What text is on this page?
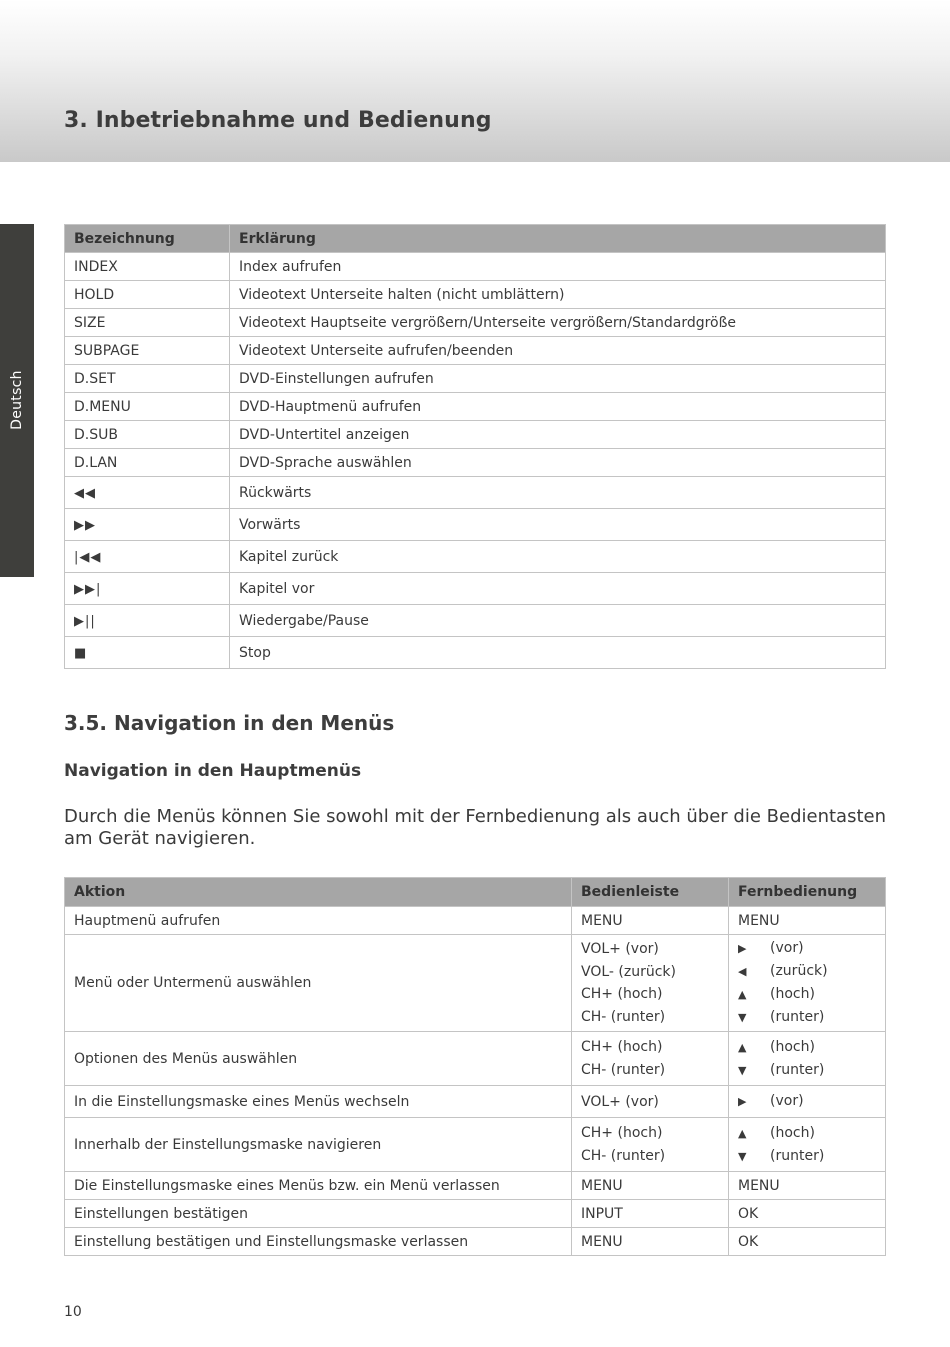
3. Inbetriebnahme und Bedienung
Deutsch
Bezeichnung	Erklärung
INDEX	Index aufrufen
HOLD	Videotext Unterseite halten (nicht umblättern)
SIZE	Videotext Hauptseite vergrößern/Unterseite vergrößern/Standardgröße
SUBPAGE	Videotext Unterseite aufrufen/beenden
D.SET	DVD-Einstellungen aufrufen
D.MENU	DVD-Hauptmenü aufrufen
D.SUB	DVD-Untertitel anzeigen
D.LAN	DVD-Sprache auswählen
◀◀	Rückwärts
▶▶	Vorwärts
|◀◀	Kapitel zurück
▶▶|	Kapitel vor
▶||	Wiedergabe/Pause
■	Stop
3.5. Navigation in den Menüs
Navigation in den Hauptmenüs

Durch die Menüs können Sie sowohl mit der Fernbedienung als auch über die Bedientasten am Gerät navigieren.

Aktion	Bedienleiste	Fernbedienung
Hauptmenü aufrufen	MENU	MENU
Menü oder Untermenü auswählen	VOL+ (vor)
VOL- (zurück)
CH+ (hoch)
CH- (runter)	▶ (vor)
◀ (zurück)
▲ (hoch)
▼ (runter)

Optionen des Menüs auswählen	CH+ (hoch)
CH- (runter)	▲ (hoch)
▼ (runter)

In die Einstellungsmaske eines Menüs wechseln	VOL+ (vor)	▶ (vor)

Innerhalb der Einstellungsmaske navigieren	CH+ (hoch)
CH- (runter)	▲ (hoch)
▼ (runter)

Die Einstellungsmaske eines Menüs bzw. ein Menü verlassen	MENU	MENU
Einstellungen bestätigen	INPUT	OK
Einstellung bestätigen und Einstellungsmaske verlassen	MENU	OK
10
